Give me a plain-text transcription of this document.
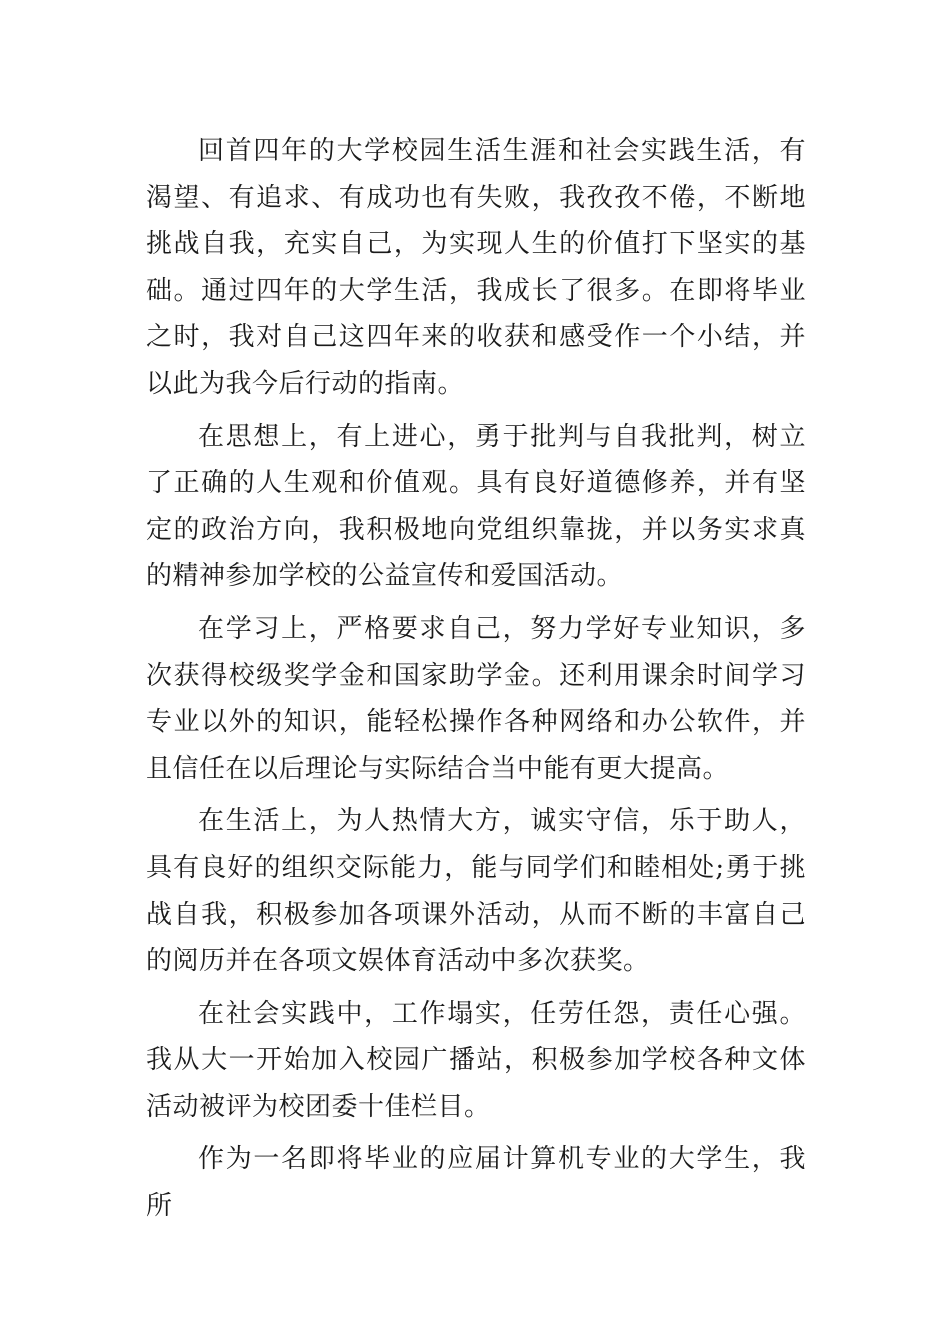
回首四年的大学校园生活生涯和社会实践生活，有渴望、有追求、有成功也有失败，我孜孜不倦，不断地挑战自我，充实自己，为实现人生的价值打下坚实的基础。通过四年的大学生活，我成长了很多。在即将毕业之时，我对自己这四年来的收获和感受作一个小结，并以此为我今后行动的指南。

在思想上，有上进心，勇于批判与自我批判，树立了正确的人生观和价值观。具有良好道德修养，并有坚定的政治方向，我积极地向党组织靠拢，并以务实求真的精神参加学校的公益宣传和爱国活动。

在学习上，严格要求自己，努力学好专业知识，多次获得校级奖学金和国家助学金。还利用课余时间学习专业以外的知识，能轻松操作各种网络和办公软件，并且信任在以后理论与实际结合当中能有更大提高。

在生活上，为人热情大方，诚实守信，乐于助人，具有良好的组织交际能力，能与同学们和睦相处;勇于挑战自我，积极参加各项课外活动，从而不断的丰富自己的阅历并在各项文娱体育活动中多次获奖。

在社会实践中，工作塌实，任劳任怨，责任心强。我从大一开始加入校园广播站，积极参加学校各种文体活动被评为校团委十佳栏目。

作为一名即将毕业的应届计算机专业的大学生，我所
